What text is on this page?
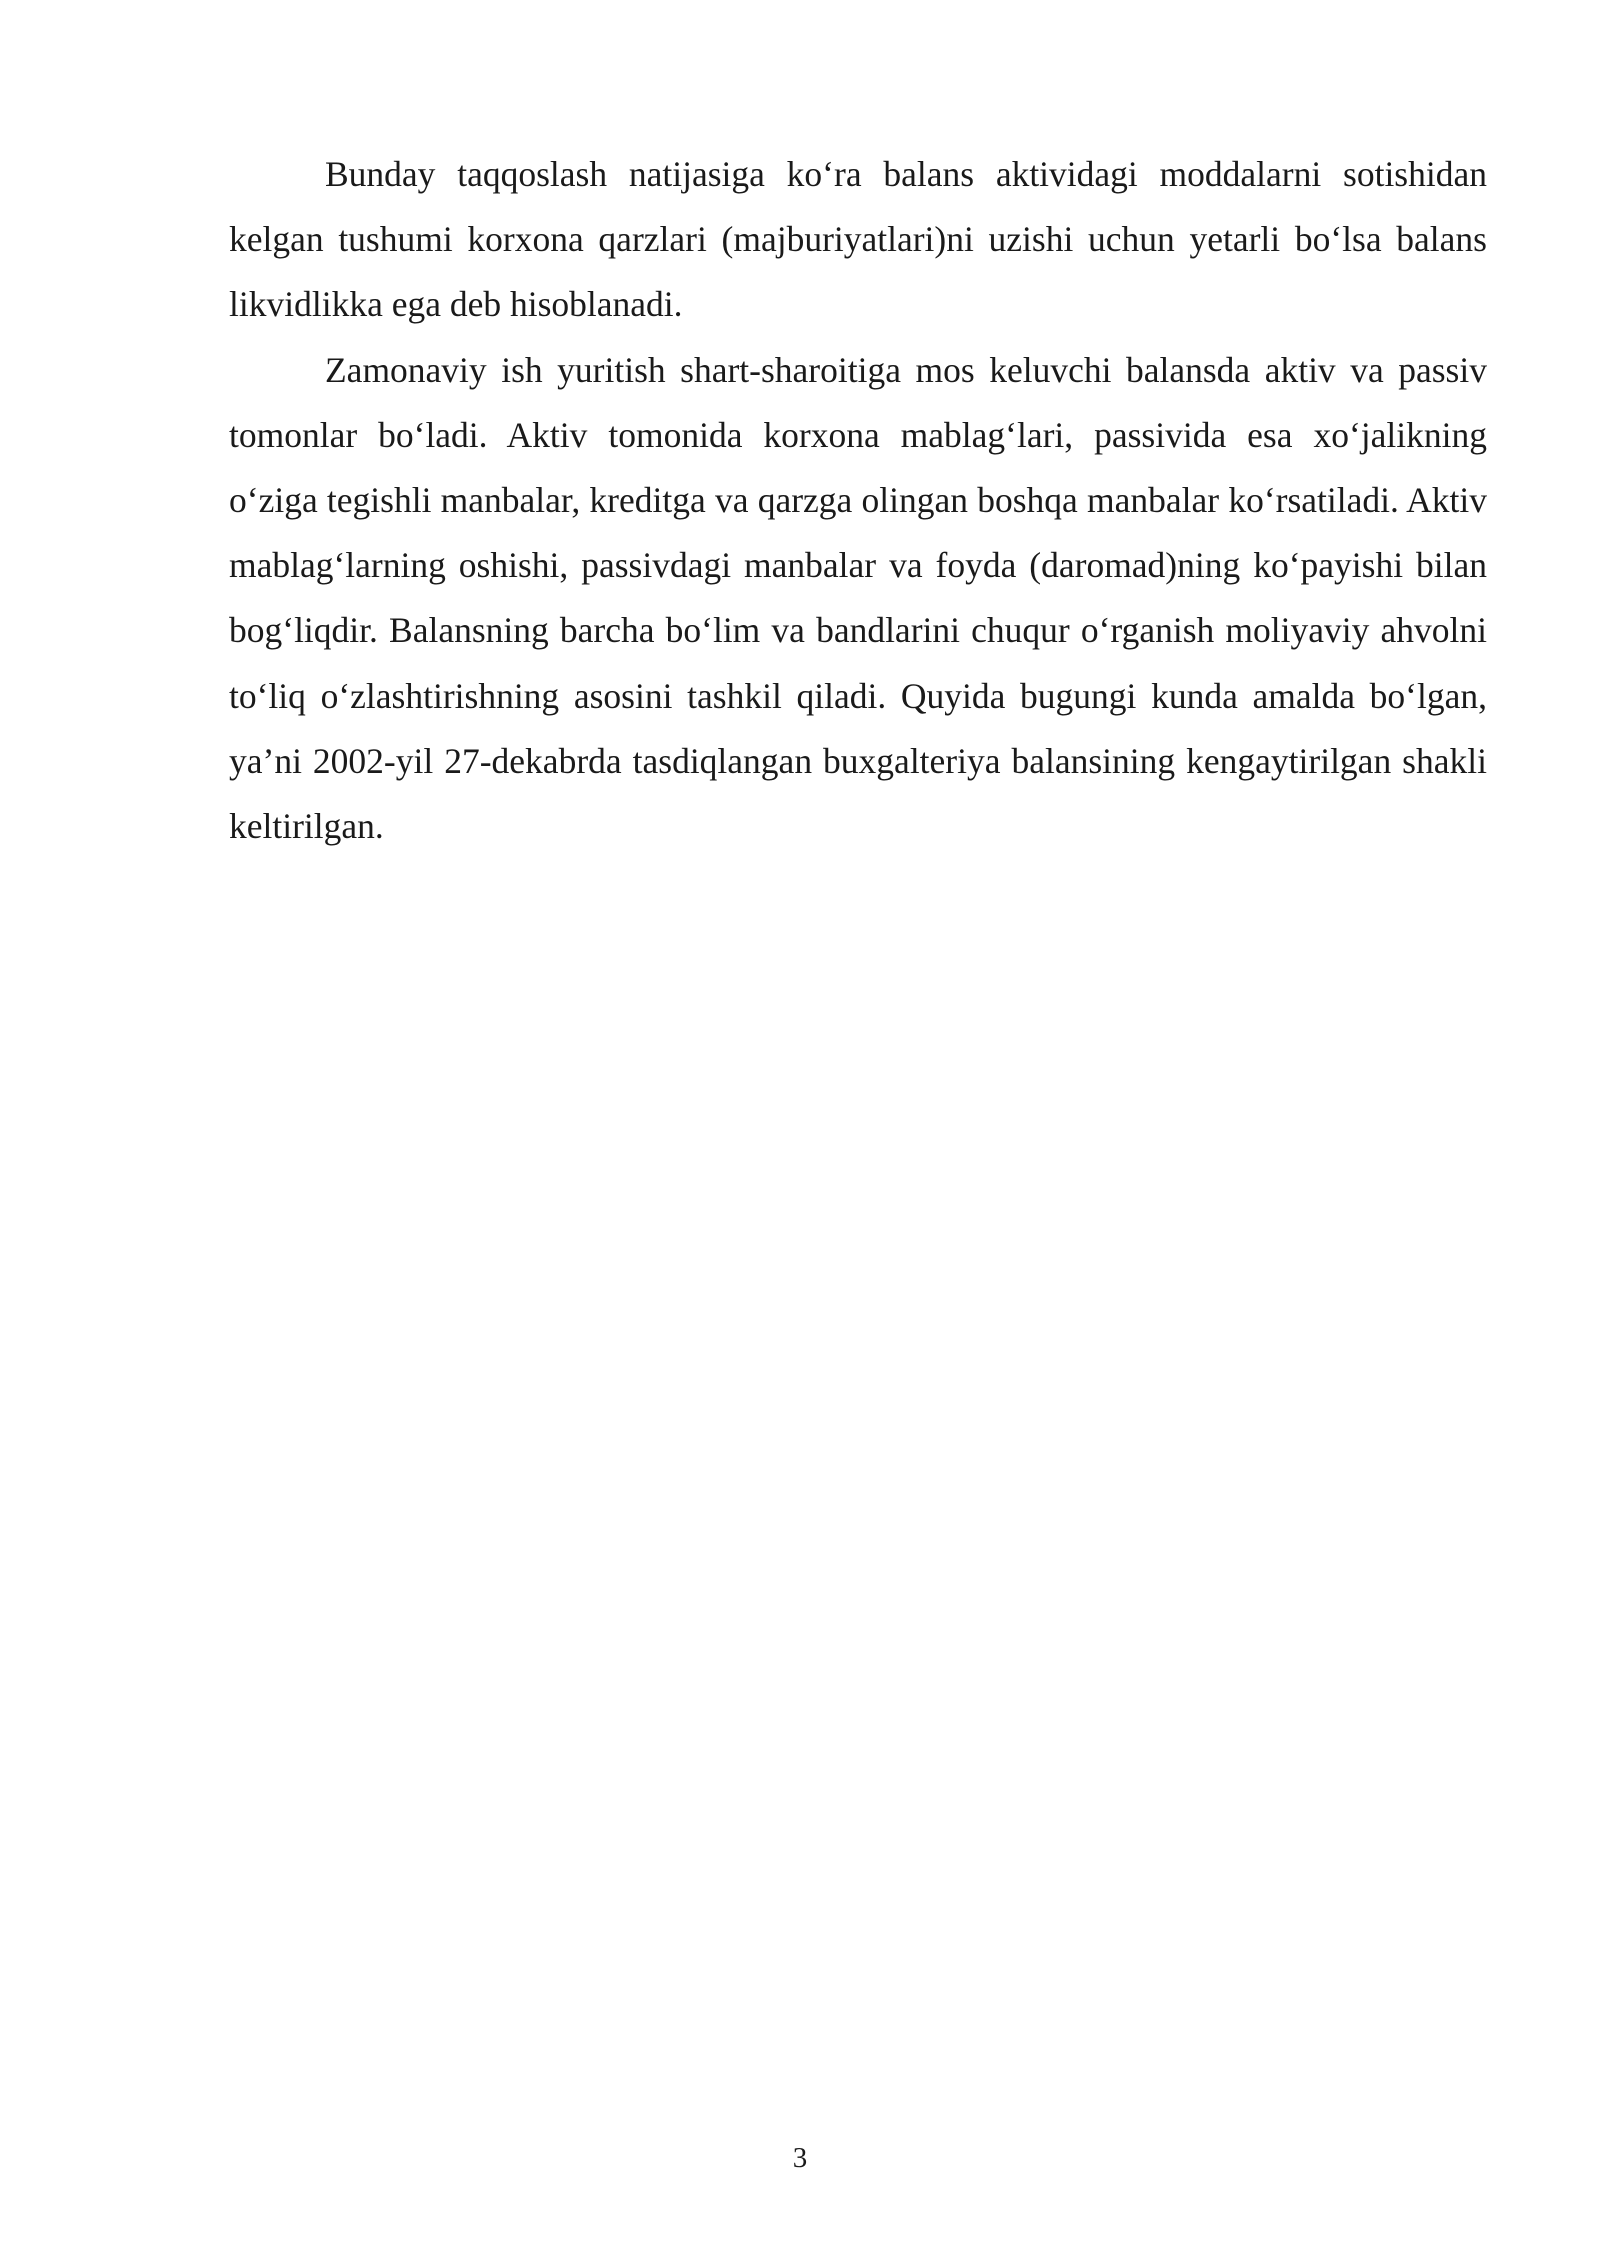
Bunday taqqoslash natijasiga ko‘ra balans aktividagi moddalarni sotishidan kelgan tushumi korxona qarzlari (majburiyatlari)ni uzishi uchun yetarli bo‘lsa balans likvidlikka ega deb hisoblanadi.

Zamonaviy ish yuritish shart-sharoitiga mos keluvchi balansda aktiv va passiv tomonlar bo‘ladi. Aktiv tomonida korxona mablag‘lari, passivida esa xo‘jalikning o‘ziga tegishli manbalar, kreditga va qarzga olingan boshqa manbalar ko‘rsatiladi. Aktiv mablag‘larning oshishi, passivdagi manbalar va foyda (daromad)ning ko‘payishi bilan bog‘liqdir. Balansning barcha bo‘lim va bandlarini chuqur o‘rganish moliyaviy ahvolni to‘liq o‘zlashtirishning asosini tashkil qiladi. Quyida bugungi kunda amalda bo‘lgan, ya’ni 2002-yil 27-dekabrda tasdiqlangan buxgalteriya balansining kengaytirilgan shakli keltirilgan.

3
